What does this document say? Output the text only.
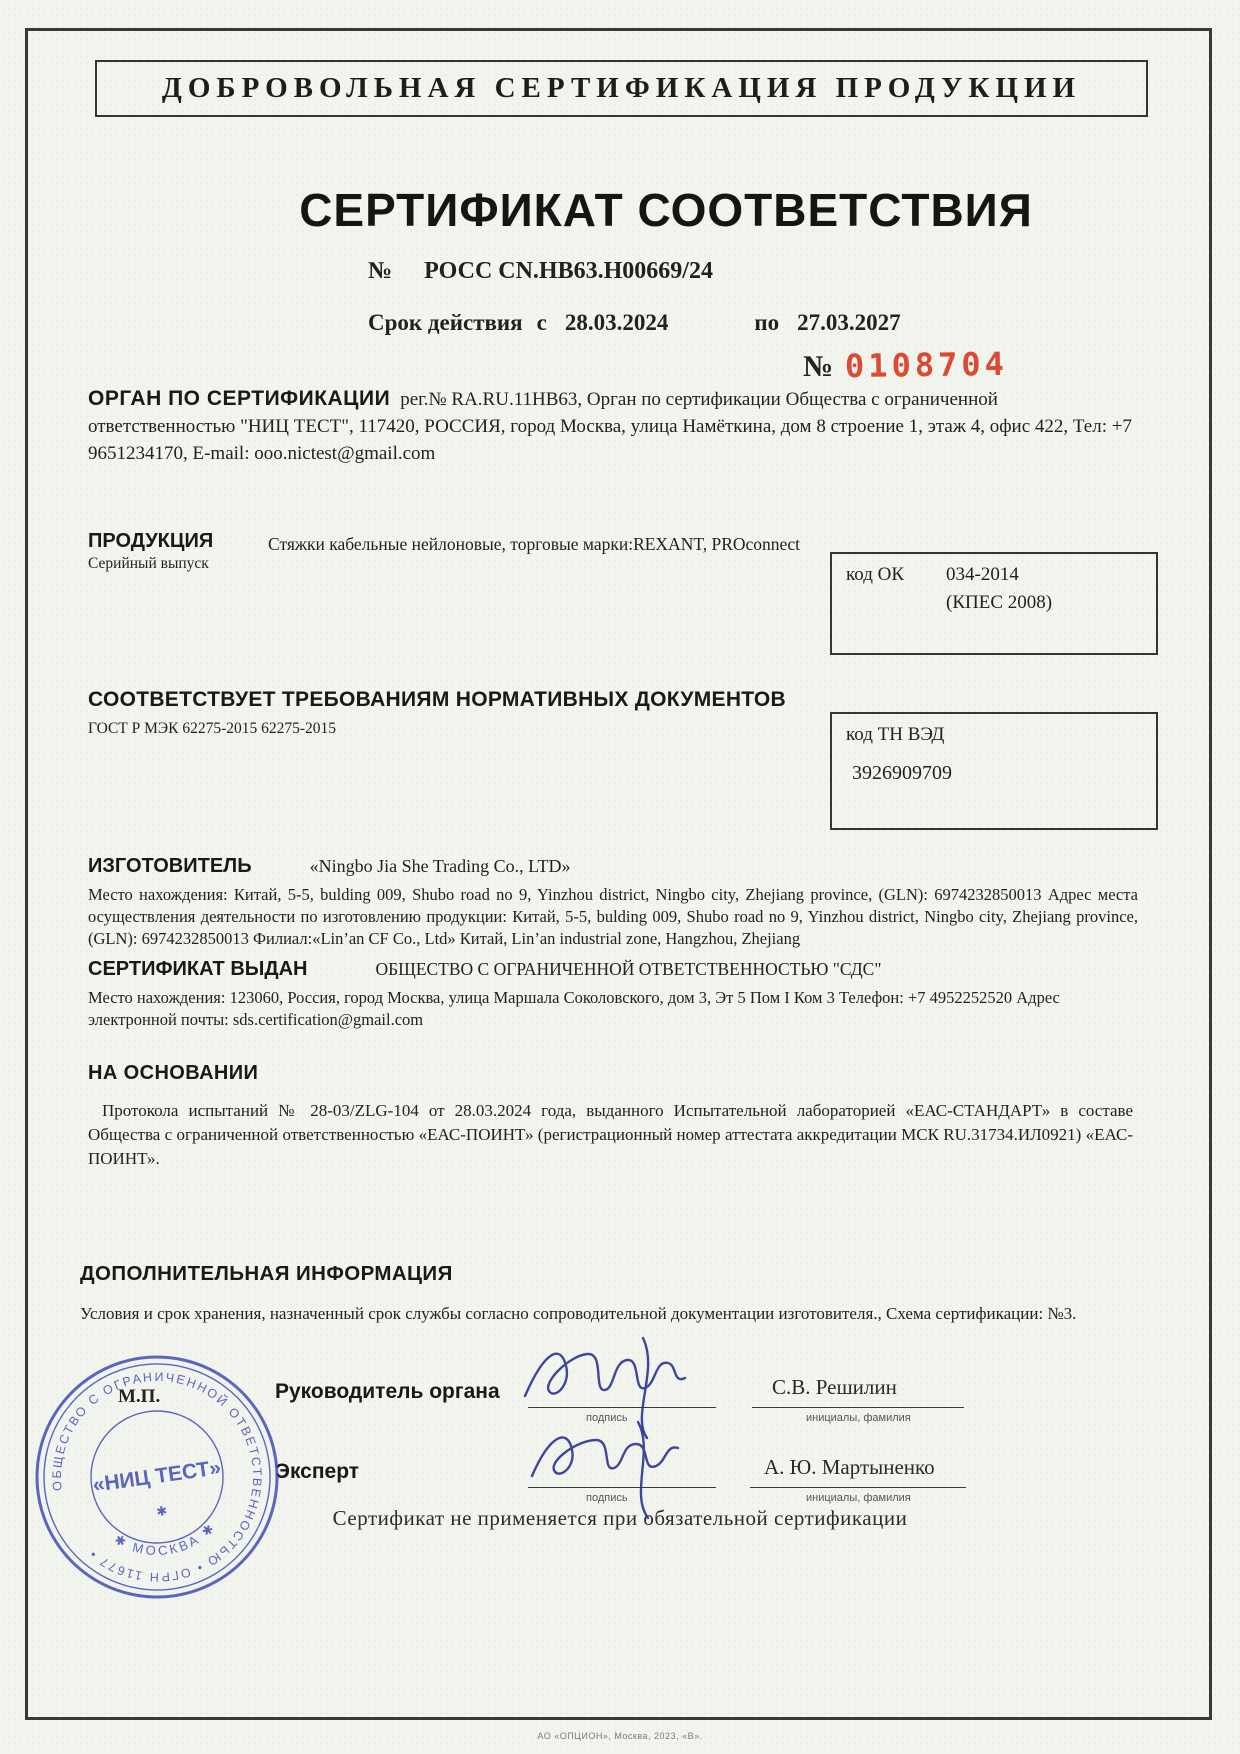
ДОБРОВОЛЬНАЯ СЕРТИФИКАЦИЯ ПРОДУКЦИИ
СЕРТИФИКАТ СООТВЕТСТВИЯ
№ РОСС CN.HB63.H00669/24
Срок действия с 28.03.2024	по 27.03.2027
№ 0108704
ОРГАН ПО СЕРТИФИКАЦИИ рег.№ RA.RU.11НВ63, Орган по сертификации Общества с ограниченной ответственностью "НИЦ ТЕСТ", 117420, РОССИЯ, город Москва, улица Намёткина, дом 8 строение 1, этаж 4, офис 422, Тел: +7 9651234170, E-mail: ooo.nictest@gmail.com
ПРОДУКЦИЯ
Серийный выпуск
Стяжки кабельные нейлоновые, торговые марки:REXANT, PROconnect
код ОК	034-2014
(КПЕС 2008)
СООТВЕТСТВУЕТ ТРЕБОВАНИЯМ НОРМАТИВНЫХ ДОКУМЕНТОВ
ГОСТ Р МЭК 62275-2015 62275-2015	код ТН ВЭД
3926909709
ИЗГОТОВИТЕЛЬ	«Ningbo Jia She Trading Co., LTD»
Место нахождения: Китай, 5-5, bulding 009, Shubo road no 9, Yinzhou district, Ningbo city, Zhejiang province, (GLN): 6974232850013 Адрес места осуществления деятельности по изготовлению продукции: Китай, 5-5, bulding 009, Shubo road no 9, Yinzhou district, Ningbo city, Zhejiang province, (GLN): 6974232850013 Филиал:«Lin’an CF Co., Ltd» Китай, Lin’an industrial zone, Hangzhou, Zhejiang
СЕРТИФИКАТ ВЫДАН	ОБЩЕСТВО С ОГРАНИЧЕННОЙ ОТВЕТСТВЕННОСТЬЮ "СДС"
Место нахождения: 123060, Россия, город Москва, улица Маршала Соколовского, дом 3, Эт 5 Пом I Ком 3 Телефон: +7 4952252520 Адрес электронной почты: sds.certification@gmail.com
НА ОСНОВАНИИ
Протокола испытаний № 28-03/ZLG-104 от 28.03.2024 года, выданного Испытательной лабораторией «ЕАС-СТАНДАРТ» в составе Общества с ограниченной ответственностью «ЕАС-ПОИНТ» (регистрационный номер аттестата аккредитации МСК RU.31734.ИЛ0921) «ЕАС-ПОИНТ».
ДОПОЛНИТЕЛЬНАЯ ИНФОРМАЦИЯ
Условия и срок хранения, назначенный срок службы согласно сопроводительной документации изготовителя., Схема сертификации: №3.
М.П.	Руководитель органа
подпись
С.В. Решилин
инициалы, фамилия
Эксперт
подпись
А. Ю. Мартыненко
инициалы, фамилия
ОБЩЕСТВО С ОГРАНИЧЕННОЙ ОТВЕТСТВЕННОСТЬЮ • ОГРН 11677 •
✱ МОСКВА ✱
«НИЦ ТЕСТ»
✱	Сертификат не применяется при обязательной сертификации
АО «ОПЦИОН», Москва, 2023, «В».
